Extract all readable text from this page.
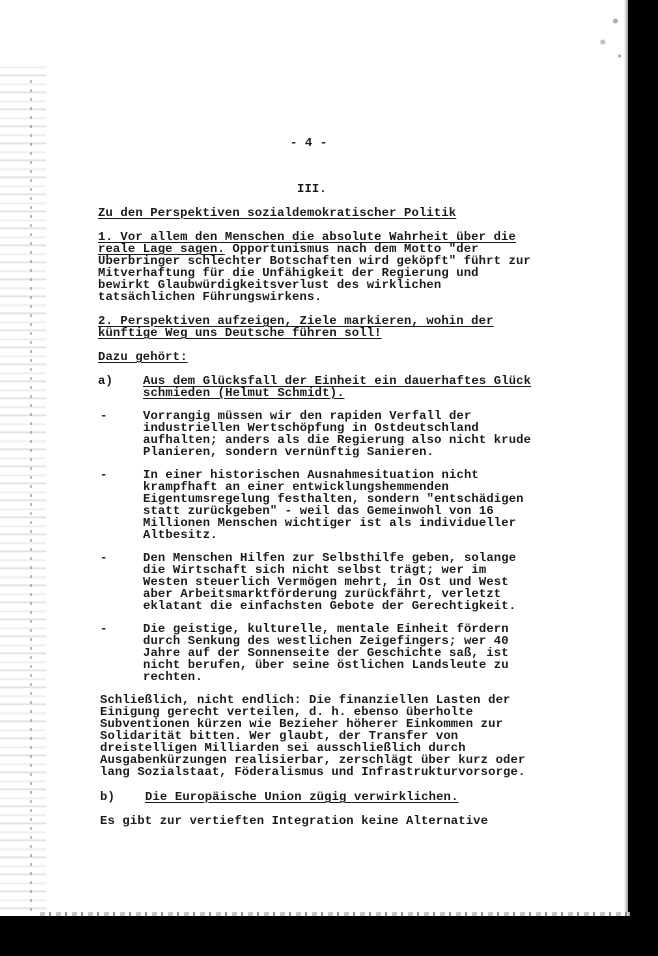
- 4 -
III.
Zu den Perspektiven sozialdemokratischer Politik
1. Vor allem den Menschen die absolute Wahrheit über die
reale Lage sagen. Opportunismus nach dem Motto "der
Überbringer schlechter Botschaften wird geköpft" führt zur
Mitverhaftung für die Unfähigkeit der Regierung und
bewirkt Glaubwürdigkeitsverlust des wirklichen
tatsächlichen Führungswirkens.
2. Perspektiven aufzeigen, Ziele markieren, wohin der
künftige Weg uns Deutsche führen soll!
Dazu gehört:
a) Aus dem Glücksfall der Einheit ein dauerhaftes Glück
schmieden (Helmut Schmidt).
-	Vorrangig müssen wir den rapiden Verfall der
industriellen Wertschöpfung in Ostdeutschland
aufhalten; anders als die Regierung also nicht krude
Planieren, sondern vernünftig Sanieren.
-	In einer historischen Ausnahmesituation nicht
krampfhaft an einer entwicklungshemmenden
Eigentumsregelung festhalten, sondern "entschädigen
statt zurückgeben" - weil das Gemeinwohl von 16
Millionen Menschen wichtiger ist als individueller
Altbesitz.
-	Den Menschen Hilfen zur Selbsthilfe geben, solange
die Wirtschaft sich nicht selbst trägt; wer im
Westen steuerlich Vermögen mehrt, in Ost und West
aber Arbeitsmarktförderung zurückfährt, verletzt
eklatant die einfachsten Gebote der Gerechtigkeit.
-	Die geistige, kulturelle, mentale Einheit fördern
durch Senkung des westlichen Zeigefingers; wer 40
Jahre auf der Sonnenseite der Geschichte saß, ist
nicht berufen, über seine östlichen Landsleute zu
rechten.
Schließlich, nicht endlich: Die finanziellen Lasten der
Einigung gerecht verteilen, d. h. ebenso überholte
Subventionen kürzen wie Bezieher höherer Einkommen zur
Solidarität bitten. Wer glaubt, der Transfer von
dreistelligen Milliarden sei ausschließlich durch
Ausgabenkürzungen realisierbar, zerschlägt über kurz oder
lang Sozialstaat, Föderalismus und Infrastrukturvorsorge.
b) Die Europäische Union zügig verwirklichen.
Es gibt zur vertieften Integration keine Alternative
